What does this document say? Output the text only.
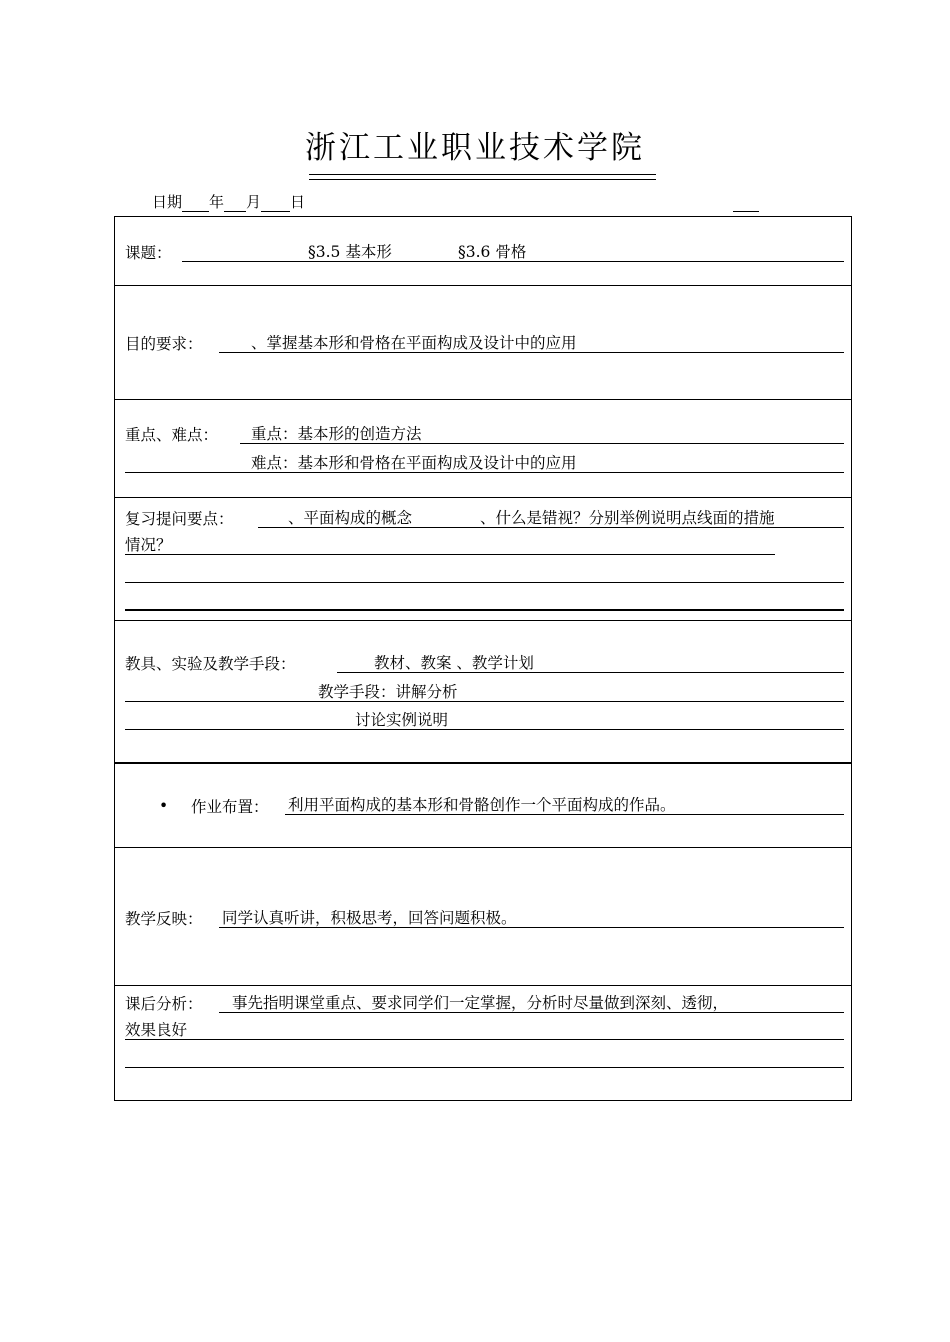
浙江工业职业技术学院
日期 年 月 日
课题：	§3.5 基本形	§3.6 骨格
目的要求：	、掌握基本形和骨格在平面构成及设计中的应用
重点、难点： 重点：基本形的创造方法
难点：基本形和骨格在平面构成及设计中的应用
复习提问要点：	、平面构成的概念	、什么是错视？分别举例说明点线面的措施
情况？
教具、实验及教学手段：	教材、教案 、教学计划
教学手段：讲解分析
讨论实例说明
• 作业布置： 利用平面构成的基本形和骨骼创作一个平面构成的作品。
教学反映： 同学认真听讲，积极思考，回答问题积极。
课后分析： 事先指明课堂重点、要求同学们一定掌握，分析时尽量做到深刻、透彻，
效果良好
